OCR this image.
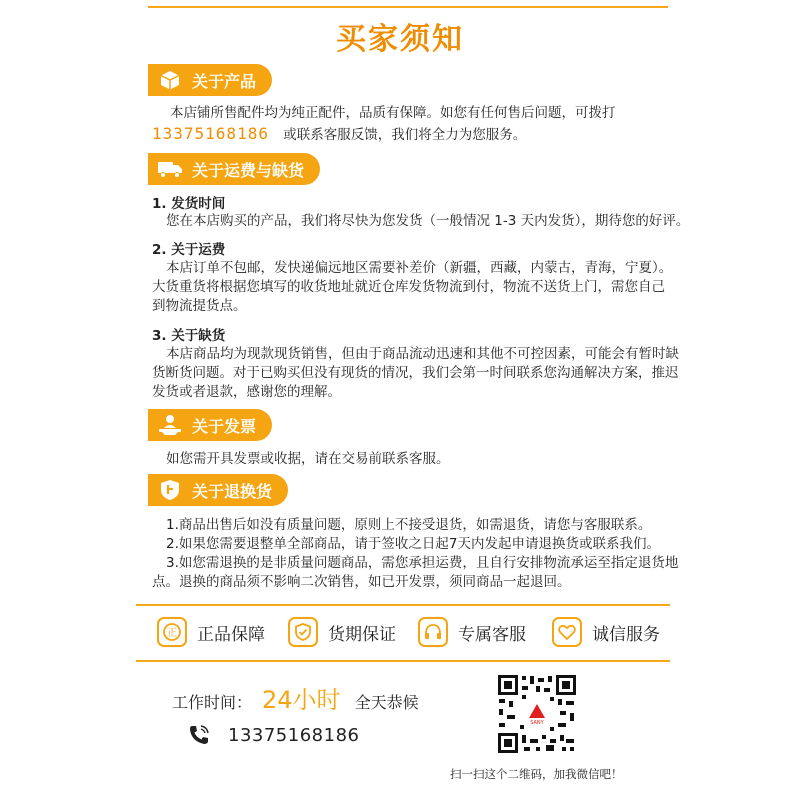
买家须知
关于产品
本店铺所售配件均为纯正配件，品质有保障。如您有任何售后问题，可拨打
13375168186 或联系客服反馈，我们将全力为您服务。
关于运费与缺货
1. 发货时间
您在本店购买的产品，我们将尽快为您发货（一般情况 1-3 天内发货），期待您的好评。
2. 关于运费
本店订单不包邮，发快递偏远地区需要补差价（新疆，西藏，内蒙古，青海，宁夏）。
大货重货将根据您填写的收货地址就近仓库发货物流到付，物流不送货上门，需您自己
到物流提货点。
3. 关于缺货
本店商品均为现款现货销售，但由于商品流动迅速和其他不可控因素，可能会有暂时缺
货断货问题。对于已购买但没有现货的情况，我们会第一时间联系您沟通解决方案，推迟
发货或者退款，感谢您的理解。
关于发票
如您需开具发票或收据，请在交易前联系客服。
关于退换货
1.商品出售后如没有质量问题，原则上不接受退货，如需退货，请您与客服联系。
2.如果您需要退整单全部商品，请于签收之日起7天内发起申请退换货或联系我们。
3.如您需退换的是非质量问题商品，需您承担运费，且自行安排物流承运至指定退货地
点。退换的商品须不影响二次销售，如已开发票，须同商品一起退回。
正 正品保障	货期保证	专属客服	诚信服务
工作时间： 24小时 全天恭候
13375168186
SANY
扫一扫这个二维码，加我微信吧！
